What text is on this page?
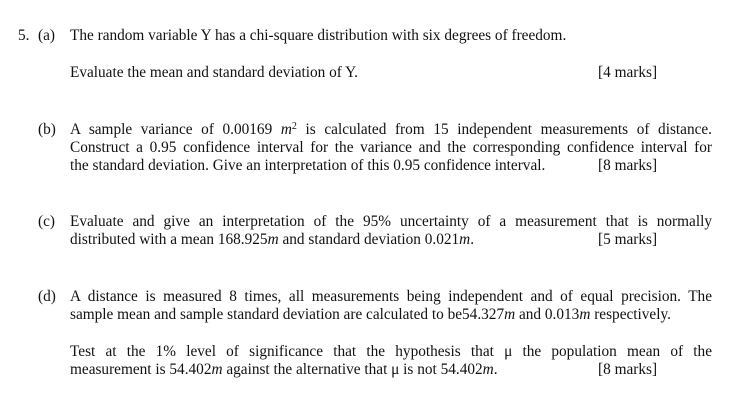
5. (a) The random variable Y has a chi-square distribution with six degrees of freedom.
Evaluate the mean and standard deviation of Y.	[4 marks]
(b) A sample variance of 0.00169 $m^2$ is calculated from 15 independent measurements of distance.
Construct a 0.95 confidence interval for the variance and the corresponding confidence interval for
the standard deviation. Give an interpretation of this 0.95 confidence interval.	[8 marks]
(c) Evaluate and give an interpretation of the 95% uncertainty of a measurement that is normally
distributed with a mean 168.925m and standard deviation 0.021m.	[5 marks]
(d) A distance is measured 8 times, all measurements being independent and of equal precision. The
sample mean and sample standard deviation are calculated to be54.327m and 0.013m respectively.
Test at the 1% level of significance that the hypothesis that μ the population mean of the
measurement is 54.402m against the alternative that μ is not 54.402m.	[8 marks]
